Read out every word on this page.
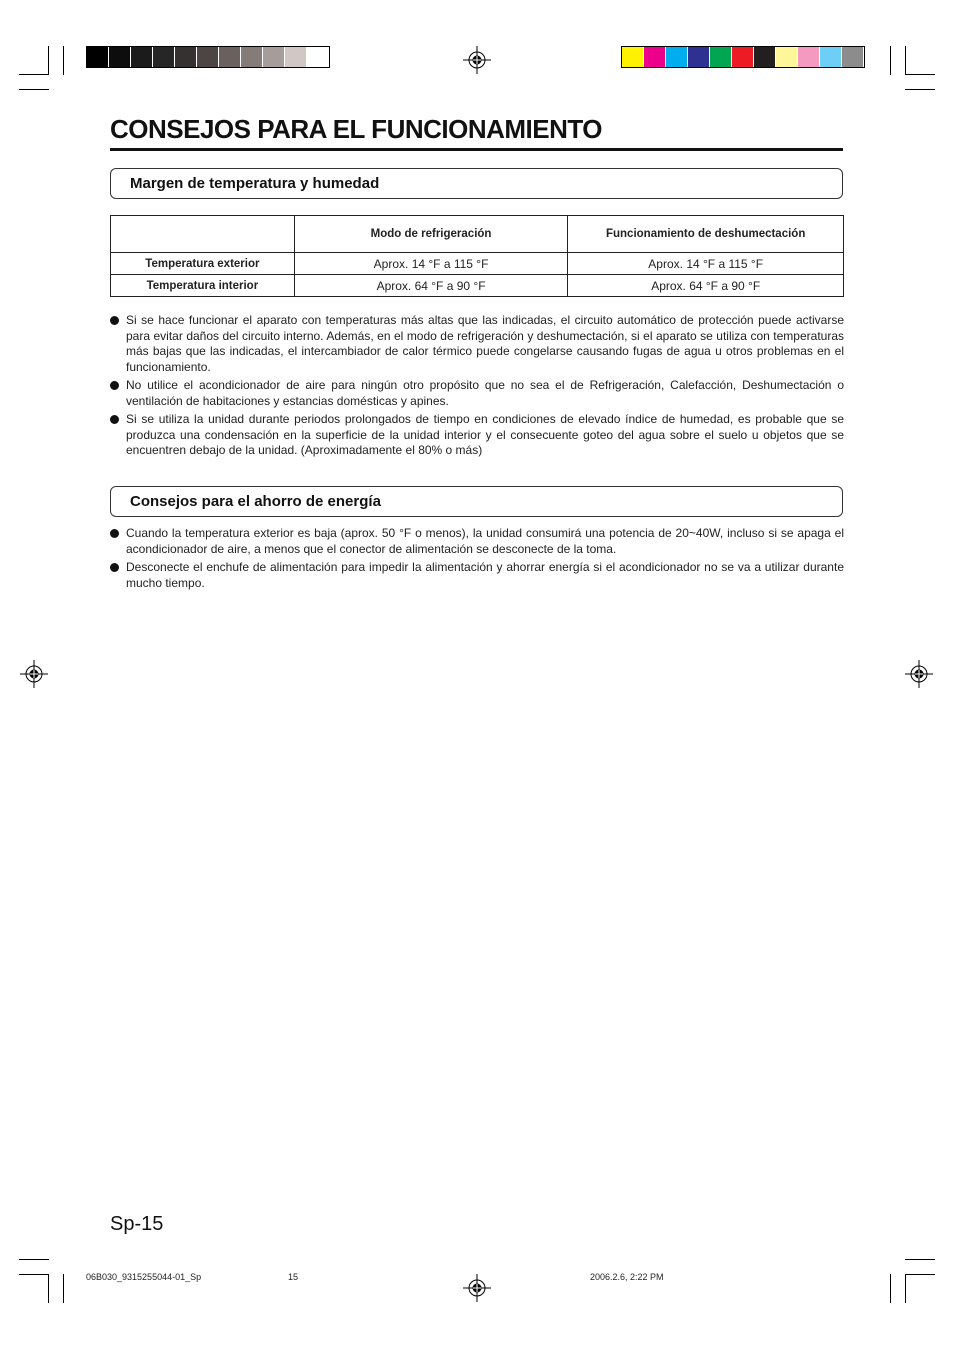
CONSEJOS PARA EL FUNCIONAMIENTO
Margen de temperatura y humedad
	Modo de refrigeración	Funcionamiento de deshumectación
Temperatura exterior	Aprox. 14 °F a 115 °F	Aprox. 14 °F a 115 °F
Temperatura interior	Aprox. 64 °F a 90 °F	Aprox. 64 °F a 90 °F
Si se hace funcionar el aparato con temperaturas más altas que las indicadas, el circuito automático de protección puede activarse para evitar daños del circuito interno. Además, en el modo de refrigeración y deshumectación, si el aparato se utiliza con temperaturas más bajas que las indicadas, el intercambiador de calor térmico puede congelarse causando fugas de agua u otros problemas en el funcionamiento.
No utilice el acondicionador de aire para ningún otro propósito que no sea el de Refrigeración, Calefacción, Deshumectación o ventilación de habitaciones y estancias domésticas y apines.
Si se utiliza la unidad durante periodos prolongados de tiempo en condiciones de elevado índice de humedad, es probable que se produzca una condensación en la superficie de la unidad interior y el consecuente goteo del agua sobre el suelo u objetos que se encuentren debajo de la unidad. (Aproximadamente el 80% o más)
Consejos para el ahorro de energía
Cuando la temperatura exterior es baja (aprox. 50 °F o menos), la unidad consumirá una potencia de 20~40W, incluso si se apaga el acondicionador de aire, a menos que el conector de alimentación se desconecte de la toma.
Desconecte el enchufe de alimentación para impedir la alimentación y ahorrar energía si el acondicionador no se va a utilizar durante mucho tiempo.
Sp-15
06B030_9315255044-01_Sp	15	2006.2.6, 2:22 PM
